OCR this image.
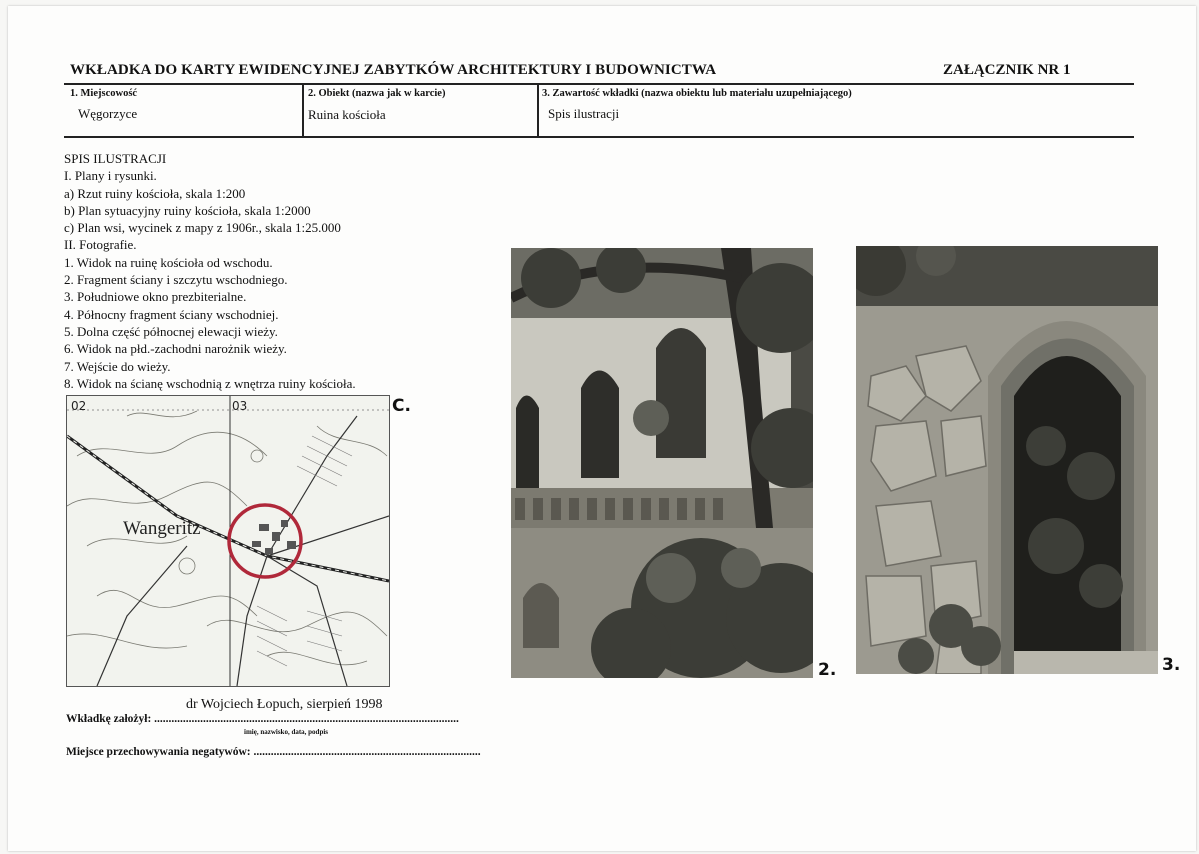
WKŁADKA DO KARTY EWIDENCYJNEJ ZABYTKÓW ARCHITEKTURY I BUDOWNICTWA	ZAŁĄCZNIK NR 1
1. Miejscowość
Węgorzyce
2. Obiekt (nazwa jak w karcie)
Ruina kościoła
3. Zawartość wkładki (nazwa obiektu lub materiału uzupełniającego)
Spis ilustracji
SPIS ILUSTRACJI
I. Plany i rysunki.
a) Rzut ruiny kościoła, skala 1:200
b) Plan sytuacyjny ruiny kościoła, skala 1:2000
c) Plan wsi, wycinek z mapy z 1906r., skala 1:25.000
II. Fotografie.
1. Widok na ruinę kościoła od wschodu.
2. Fragment ściany i szczytu wschodniego.
3. Południowe okno prezbiterialne.
4. Północny fragment ściany wschodniej.
5. Dolna część północnej elewacji wieży.
6. Widok na płd.-zachodni narożnik wieży.
7. Wejście do wieży.
8. Widok na ścianę wschodnią z wnętrza ruiny kościoła.
Wangeritz
02	03	C.
2.	3.
dr Wojciech Łopuch, sierpień 1998
Wkładkę założył: ..........................................................................................................
imię, nazwisko, data, podpis
Miejsce przechowywania negatywów: ...............................................................................
